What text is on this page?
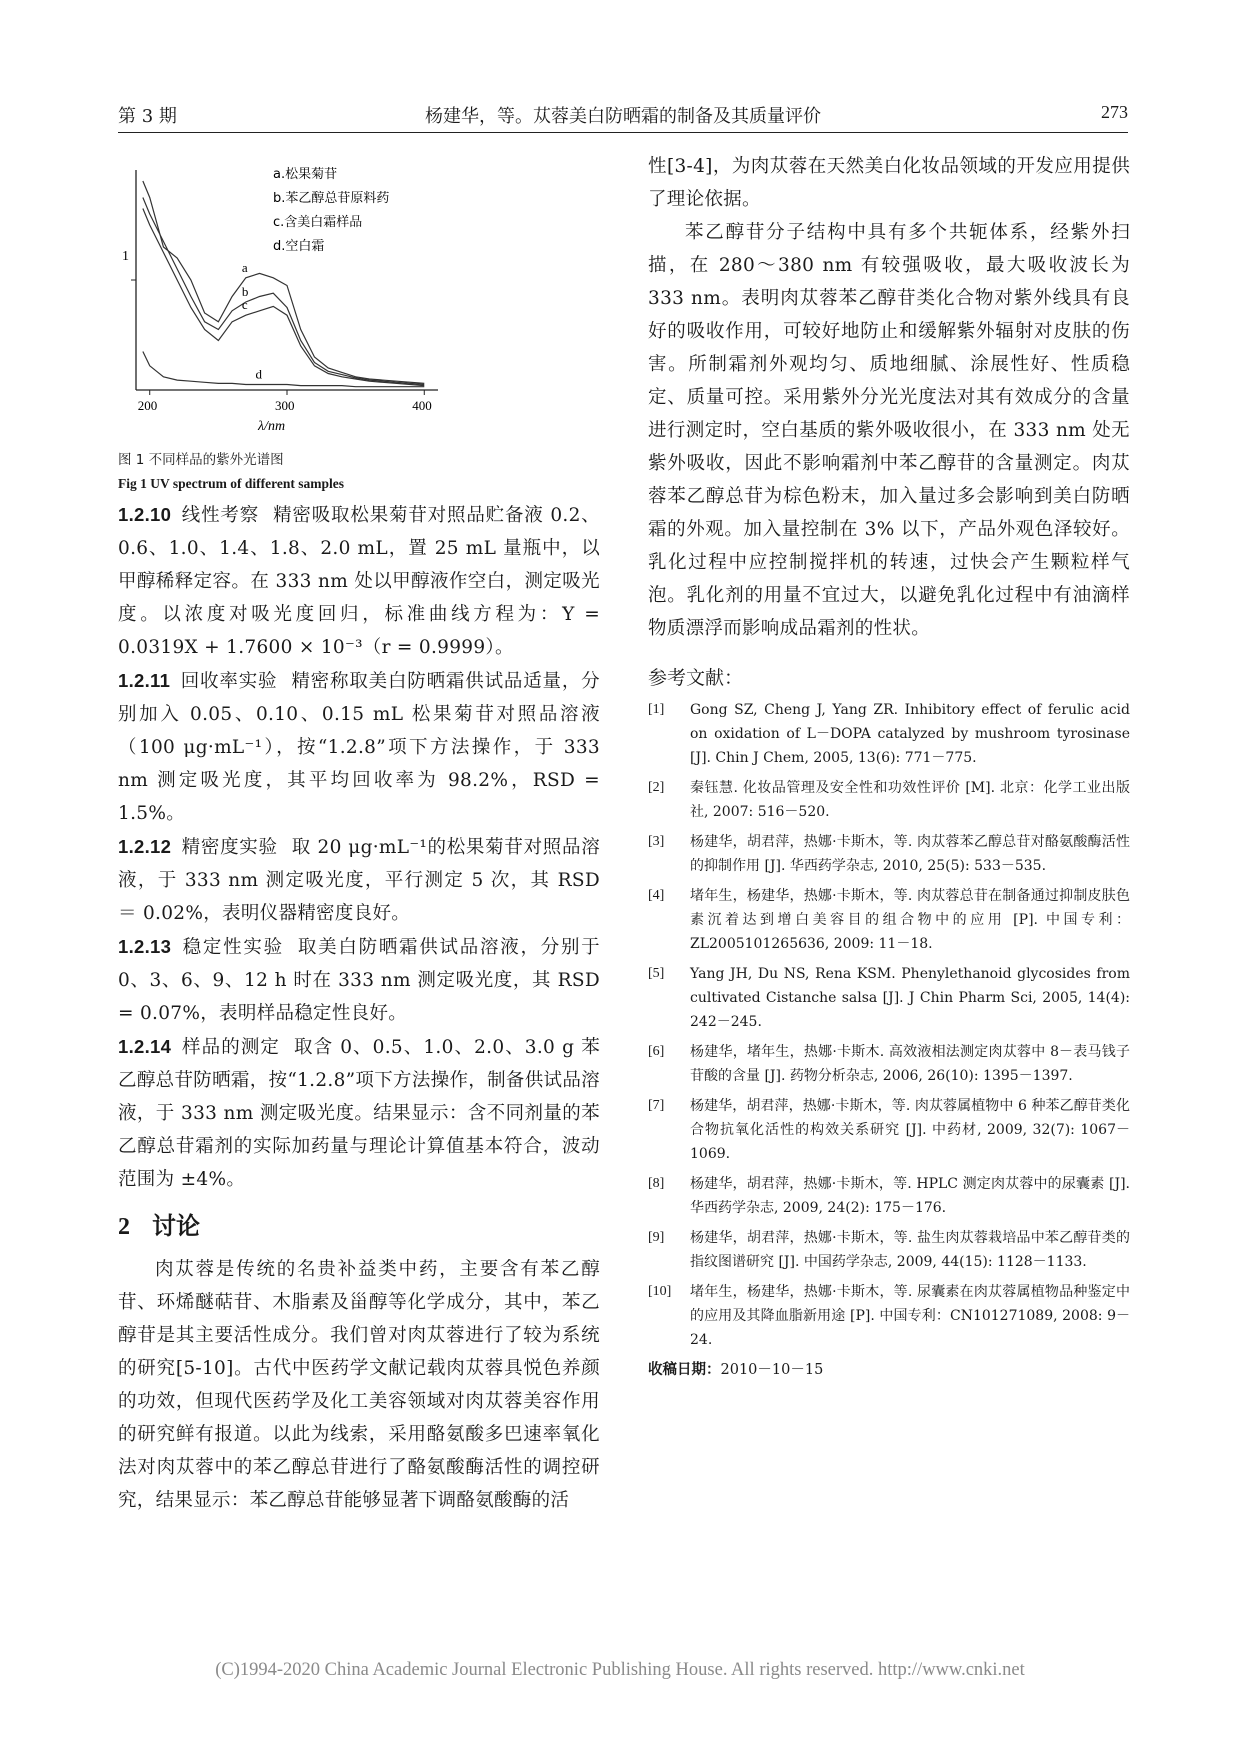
第 3 期	杨建华，等。苁蓉美白防晒霜的制备及其质量评价	273
a
b
c
d
200	300	400
1
λ/nm
a.松果菊苷
b.苯乙醇总苷原料药
c.含美白霜样品
d.空白霜
图 1 不同样品的紫外光谱图
Fig 1 UV spectrum of different samples

1.2.10 线性考察 精密吸取松果菊苷对照品贮备液 0.2、0.6、1.0、1.4、1.8、2.0 mL，置 25 mL 量瓶中，以甲醇稀释定容。在 333 nm 处以甲醇液作空白，测定吸光度。以浓度对吸光度回归，标准曲线方程为：Y = 0.0319X + 1.7600 × 10⁻³（r = 0.9999）。

1.2.11 回收率实验 精密称取美白防晒霜供试品适量，分别加入 0.05、0.10、0.15 mL 松果菊苷对照品溶液（100 μg·mL⁻¹），按“1.2.8”项下方法操作，于 333 nm 测定吸光度，其平均回收率为 98.2%，RSD = 1.5%。

1.2.12 精密度实验 取 20 μg·mL⁻¹的松果菊苷对照品溶液，于 333 nm 测定吸光度，平行测定 5 次，其 RSD ＝ 0.02%，表明仪器精密度良好。

1.2.13 稳定性实验 取美白防晒霜供试品溶液，分别于 0、3、6、9、12 h 时在 333 nm 测定吸光度，其 RSD = 0.07%，表明样品稳定性良好。

1.2.14 样品的测定 取含 0、0.5、1.0、2.0、3.0 g 苯乙醇总苷防晒霜，按“1.2.8”项下方法操作，制备供试品溶液，于 333 nm 测定吸光度。结果显示：含不同剂量的苯乙醇总苷霜剂的实际加药量与理论计算值基本符合，波动范围为 ±4%。

2 讨论

肉苁蓉是传统的名贵补益类中药，主要含有苯乙醇苷、环烯醚萜苷、木脂素及甾醇等化学成分，其中，苯乙醇苷是其主要活性成分。我们曾对肉苁蓉进行了较为系统的研究[5-10]。古代中医药学文献记载肉苁蓉具悦色养颜的功效，但现代医药学及化工美容领域对肉苁蓉美容作用的研究鲜有报道。以此为线索，采用酪氨酸多巴速率氧化法对肉苁蓉中的苯乙醇总苷进行了酪氨酸酶活性的调控研究，结果显示：苯乙醇总苷能够显著下调酪氨酸酶的活

性[3-4]，为肉苁蓉在天然美白化妆品领域的开发应用提供了理论依据。

苯乙醇苷分子结构中具有多个共轭体系，经紫外扫描，在 280～380 nm 有较强吸收，最大吸收波长为 333 nm。表明肉苁蓉苯乙醇苷类化合物对紫外线具有良好的吸收作用，可较好地防止和缓解紫外辐射对皮肤的伤害。所制霜剂外观均匀、质地细腻、涂展性好、性质稳定、质量可控。采用紫外分光光度法对其有效成分的含量进行测定时，空白基质的紫外吸收很小，在 333 nm 处无紫外吸收，因此不影响霜剂中苯乙醇苷的含量测定。肉苁蓉苯乙醇总苷为棕色粉末，加入量过多会影响到美白防晒霜的外观。加入量控制在 3% 以下，产品外观色泽较好。乳化过程中应控制搅拌机的转速，过快会产生颗粒样气泡。乳化剂的用量不宜过大，以避免乳化过程中有油滴样物质漂浮而影响成品霜剂的性状。

参考文献：
[1]	Gong SZ, Cheng J, Yang ZR. Inhibitory effect of ferulic acid on oxidation of L－DOPA catalyzed by mushroom tyrosinase [J]. Chin J Chem, 2005, 13(6): 771－775.
[2]	秦钰慧. 化妆品管理及安全性和功效性评价 [M]. 北京：化学工业出版社, 2007: 516－520.
[3]	杨建华，胡君萍，热娜·卡斯木，等. 肉苁蓉苯乙醇总苷对酪氨酸酶活性的抑制作用 [J]. 华西药学杂志, 2010, 25(5): 533－535.
[4]	堵年生，杨建华，热娜·卡斯木，等. 肉苁蓉总苷在制备通过抑制皮肤色素沉着达到增白美容目的组合物中的应用 [P]. 中国专利：ZL2005101265636, 2009: 11－18.
[5]	Yang JH, Du NS, Rena KSM. Phenylethanoid glycosides from cultivated Cistanche salsa [J]. J Chin Pharm Sci, 2005, 14(4): 242－245.
[6]	杨建华，堵年生，热娜·卡斯木. 高效液相法测定肉苁蓉中 8－表马钱子苷酸的含量 [J]. 药物分析杂志, 2006, 26(10): 1395－1397.
[7]	杨建华，胡君萍，热娜·卡斯木，等. 肉苁蓉属植物中 6 种苯乙醇苷类化合物抗氧化活性的构效关系研究 [J]. 中药材, 2009, 32(7): 1067－1069.
[8]	杨建华，胡君萍，热娜·卡斯木，等. HPLC 测定肉苁蓉中的尿囊素 [J]. 华西药学杂志, 2009, 24(2): 175－176.
[9]	杨建华，胡君萍，热娜·卡斯木，等. 盐生肉苁蓉栽培品中苯乙醇苷类的指纹图谱研究 [J]. 中国药学杂志, 2009, 44(15): 1128－1133.
[10]	堵年生，杨建华，热娜·卡斯木，等. 尿囊素在肉苁蓉属植物品种鉴定中的应用及其降血脂新用途 [P]. 中国专利：CN101271089, 2008: 9－24.
收稿日期：2010－10－15
(C)1994-2020 China Academic Journal Electronic Publishing House. All rights reserved. http://www.cnki.net
